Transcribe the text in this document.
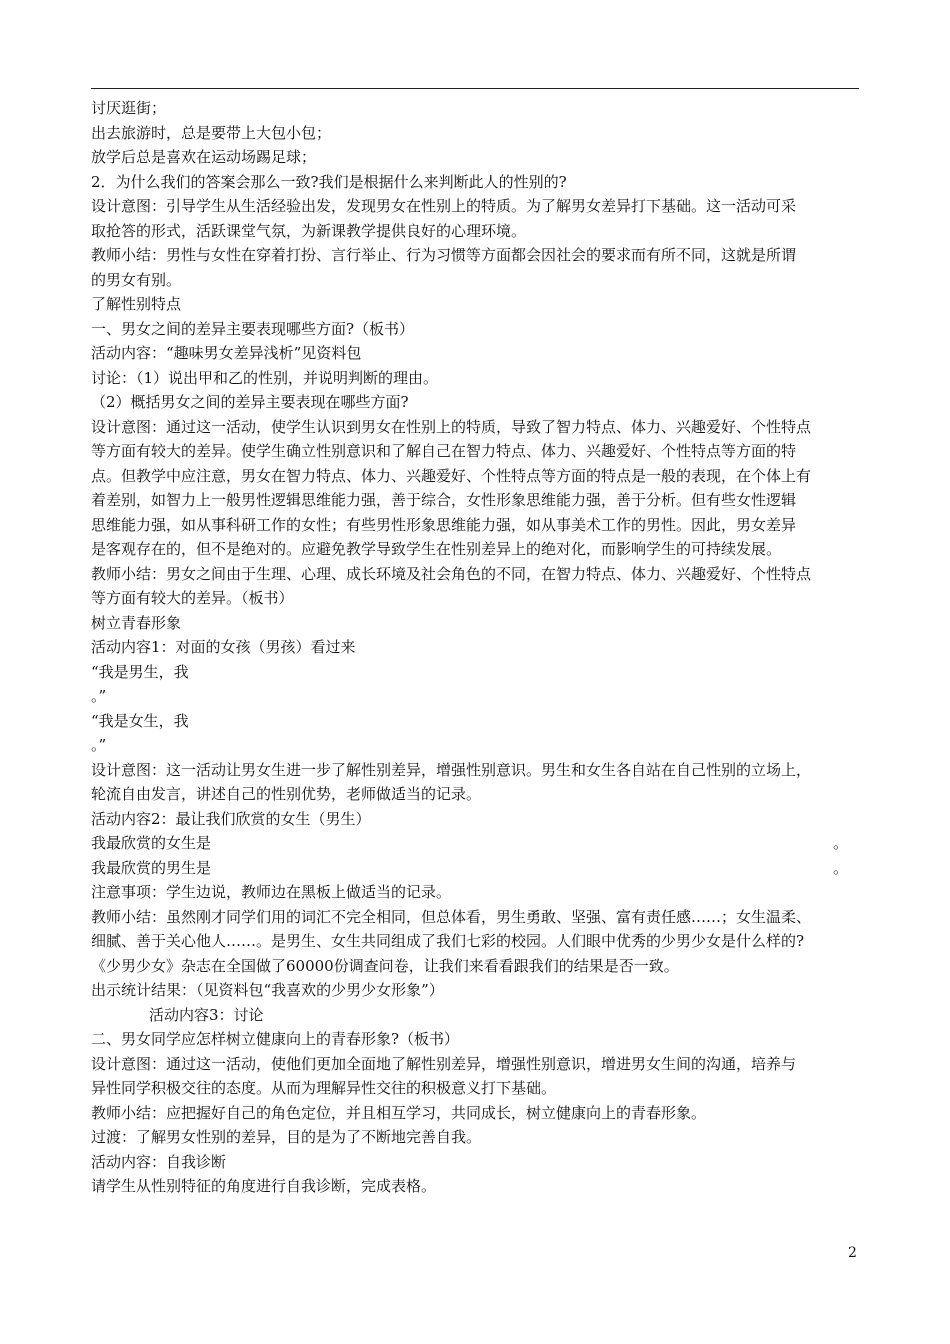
讨厌逛街；
出去旅游时，总是要带上大包小包；
放学后总是喜欢在运动场踢足球；
2．为什么我们的答案会那么一致?我们是根据什么来判断此人的性别的?
设计意图：引导学生从生活经验出发，发现男女在性别上的特质。为了解男女差异打下基础。这一活动可采
取抢答的形式，活跃课堂气氛，为新课教学提供良好的心理环境。
教师小结：男性与女性在穿着打扮、言行举止、行为习惯等方面都会因社会的要求而有所不同，这就是所谓
的男女有别。
了解性别特点
一、男女之间的差异主要表现哪些方面?（板书）
活动内容：“趣味男女差异浅析”见资料包
讨论：（1）说出甲和乙的性别，并说明判断的理由。
（2）概括男女之间的差异主要表现在哪些方面?
设计意图：通过这一活动，使学生认识到男女在性别上的特质，导致了智力特点、体力、兴趣爱好、个性特点
等方面有较大的差异。使学生确立性别意识和了解自己在智力特点、体力、兴趣爱好、个性特点等方面的特
点。但教学中应注意，男女在智力特点、体力、兴趣爱好、个性特点等方面的特点是一般的表现，在个体上有
着差别，如智力上一般男性逻辑思维能力强，善于综合，女性形象思维能力强，善于分析。但有些女性逻辑
思维能力强，如从事科研工作的女性；有些男性形象思维能力强，如从事美术工作的男性。因此，男女差异
是客观存在的，但不是绝对的。应避免教学导致学生在性别差异上的绝对化，而影响学生的可持续发展。
教师小结：男女之间由于生理、心理、成长环境及社会角色的不同，在智力特点、体力、兴趣爱好、个性特点
等方面有较大的差异。（板书）
树立青春形象
活动内容1：对面的女孩（男孩）看过来
“我是男生，我
。”
“我是女生，我
。”
设计意图：这一活动让男女生进一步了解性别差异，增强性别意识。男生和女生各自站在自己性别的立场上，
轮流自由发言，讲述自己的性别优势，老师做适当的记录。
活动内容2：最让我们欣赏的女生（男生）
我最欣赏的女生是	。
我最欣赏的男生是	。
注意事项：学生边说，教师边在黑板上做适当的记录。
教师小结：虽然刚才同学们用的词汇不完全相同，但总体看，男生勇敢、坚强、富有责任感……；女生温柔、
细腻、善于关心他人……。是男生、女生共同组成了我们七彩的校园。人们眼中优秀的少男少女是什么样的?
《少男少女》杂志在全国做了60000份调查问卷，让我们来看看跟我们的结果是否一致。
出示统计结果：（见资料包“我喜欢的少男少女形象”）
活动内容3：讨论
二、男女同学应怎样树立健康向上的青春形象?（板书）
设计意图：通过这一活动，使他们更加全面地了解性别差异，增强性别意识，增进男女生间的沟通，培养与
异性同学积极交往的态度。从而为理解异性交往的积极意义打下基础。
教师小结：应把握好自己的角色定位，并且相互学习，共同成长，树立健康向上的青春形象。
过渡：了解男女性别的差异，目的是为了不断地完善自我。
活动内容：自我诊断
请学生从性别特征的角度进行自我诊断，完成表格。
2
